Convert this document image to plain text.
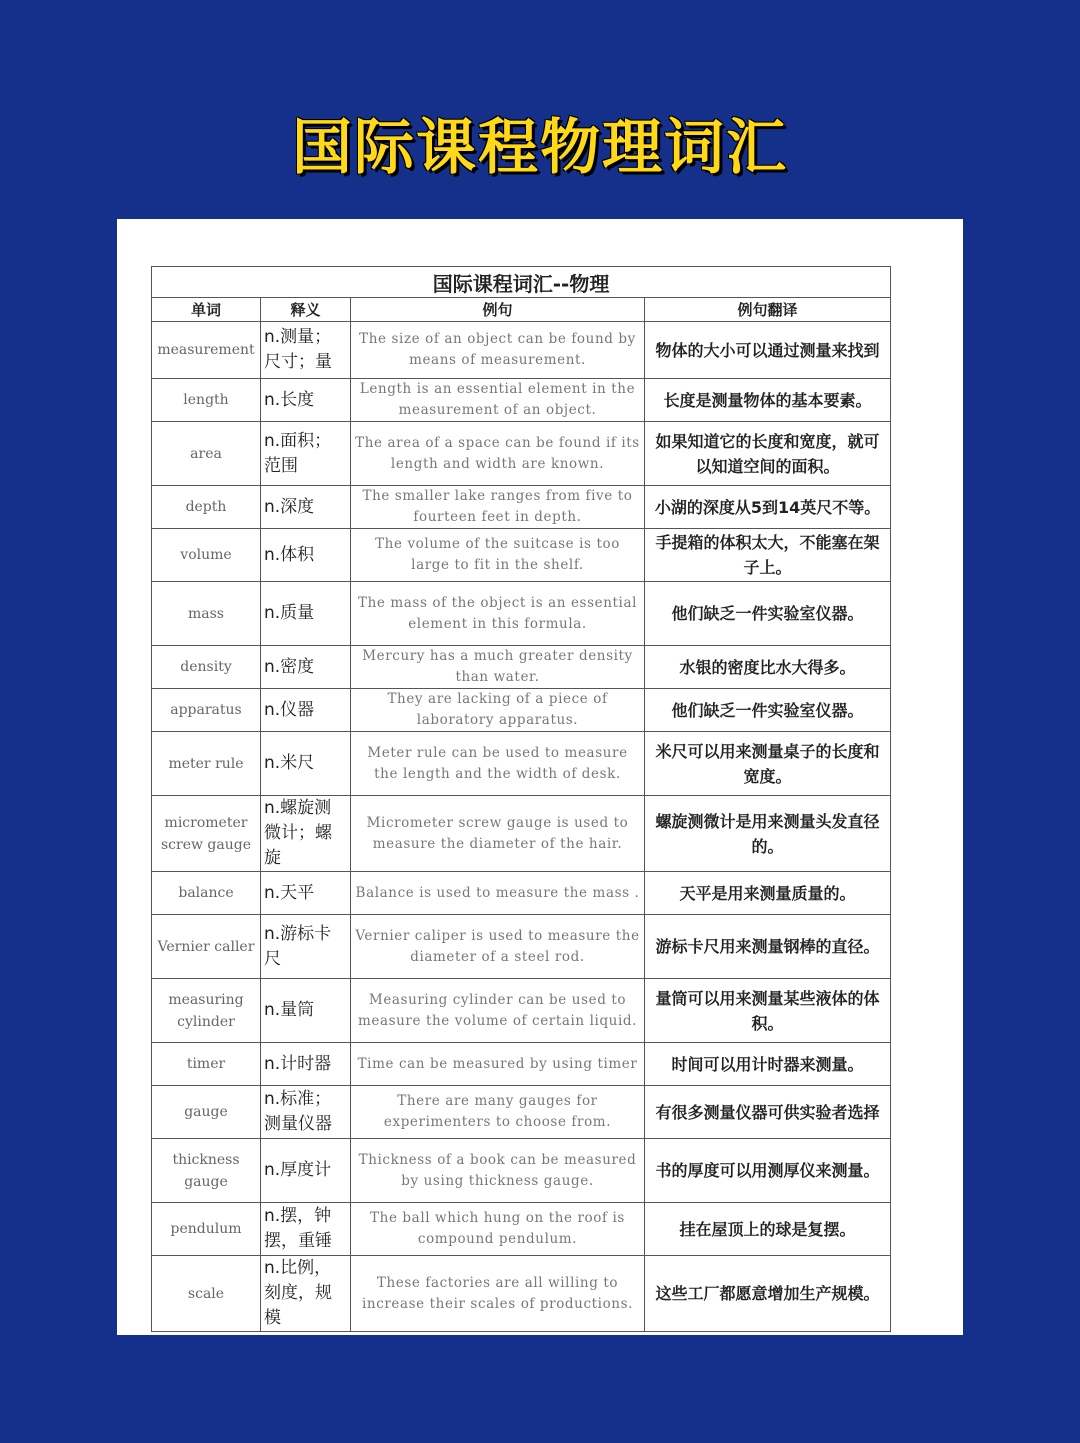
国际课程物理词汇
国际课程词汇--物理			
单词	释义	例句	例句翻译
measurement	n.测量；尺寸；量	The size of an object can be found by means of measurement.	物体的大小可以通过测量来找到
length	n.长度	Length is an essential element in the measurement of an object.	长度是测量物体的基本要素。
area	n.面积；范围	The area of a space can be found if its length and width are known.	如果知道它的长度和宽度，就可以知道空间的面积。
depth	n.深度	The smaller lake ranges from five to fourteen feet in depth.	小湖的深度从5到14英尺不等。
volume	n.体积	The volume of the suitcase is too large to fit in the shelf.	手提箱的体积太大，不能塞在架子上。
mass	n.质量	The mass of the object is an essential element in this formula.	他们缺乏一件实验室仪器。
density	n.密度	Mercury has a much greater density than water.	水银的密度比水大得多。
apparatus	n.仪器	They are lacking of a piece of laboratory apparatus.	他们缺乏一件实验室仪器。
meter rule	n.米尺	Meter rule can be used to measure the length and the width of desk.	米尺可以用来测量桌子的长度和宽度。
micrometer screw gauge	n.螺旋测微计；螺旋	Micrometer screw gauge is used to measure the diameter of the hair.	螺旋测微计是用来测量头发直径的。
balance	n.天平	Balance is used to measure the mass .	天平是用来测量质量的。
Vernier caller	n.游标卡尺	Vernier caliper is used to measure the diameter of a steel rod.	游标卡尺用来测量钢棒的直径。
measuring cylinder	n.量筒	Measuring cylinder can be used to measure the volume of certain liquid.	量筒可以用来测量某些液体的体积。
timer	n.计时器	Time can be measured by using timer	时间可以用计时器来测量。
gauge	n.标准；测量仪器	There are many gauges for experimenters to choose from.	有很多测量仪器可供实验者选择
thickness gauge	n.厚度计	Thickness of a book can be measured by using thickness gauge.	书的厚度可以用测厚仪来测量。
pendulum	n.摆，钟摆，重锤	The ball which hung on the roof is compound pendulum.	挂在屋顶上的球是复摆。
scale	n.比例，刻度，规模	These factories are all willing to increase their scales of productions.	这些工厂都愿意增加生产规模。
